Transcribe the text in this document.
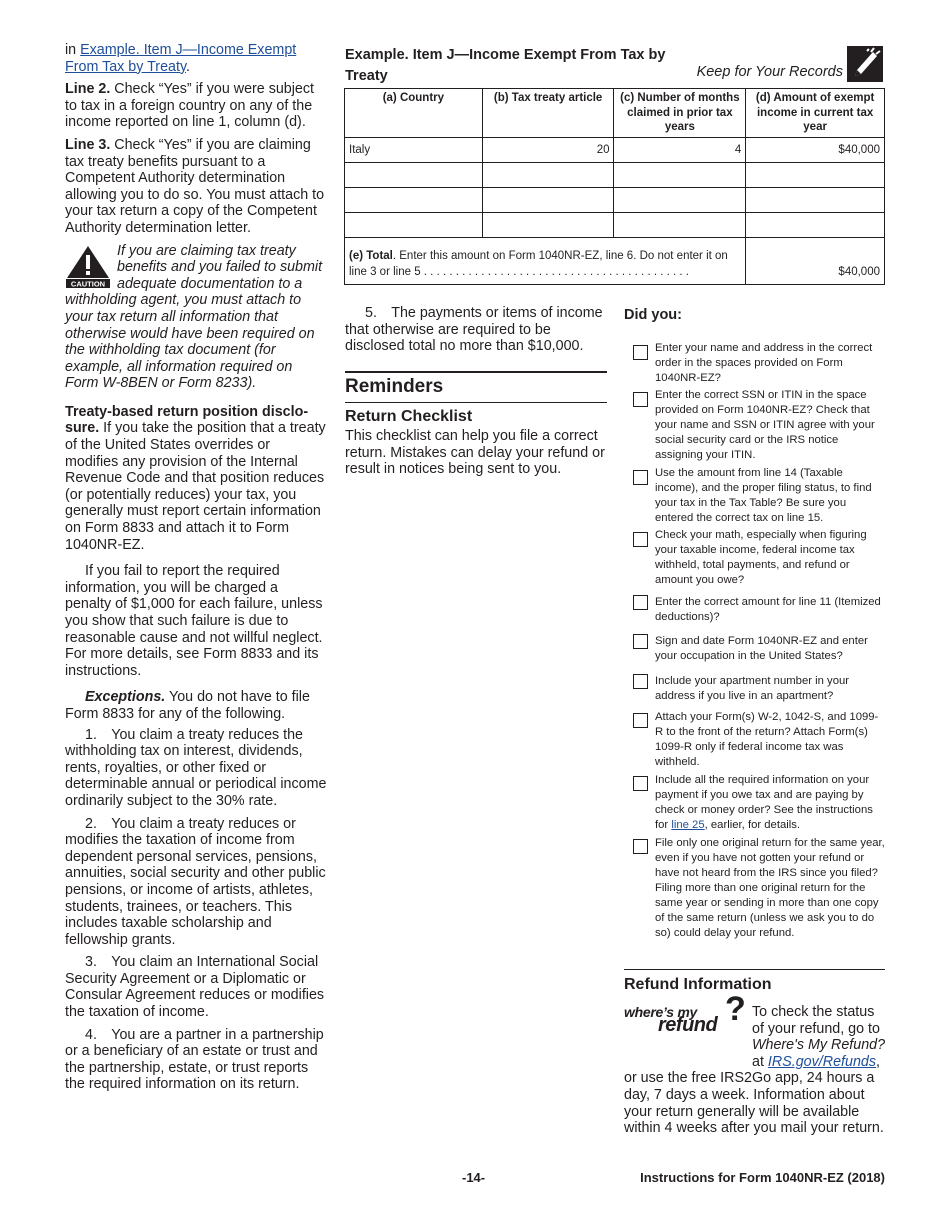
in Example. Item J—Income Exempt From Tax by Treaty.

Line 2. Check “Yes” if you were subject to tax in a foreign country on any of the income reported on line 1, column (d).

Line 3. Check “Yes” if you are claiming tax treaty benefits pursuant to a Competent Authority determination allowing you to do so. You must attach to your tax return a copy of the Competent Authority determination letter.

CAUTION
If you are claiming tax treaty benefits and you failed to submit adequate documentation to a withholding agent, you must attach to your tax return all information that otherwise would have been required on the withholding tax document (for example, all information required on Form W-8BEN or Form 8233).

Treaty-based return position disclo- sure. If you take the position that a treaty of the United States overrides or modifies any provision of the Internal Revenue Code and that position reduces (or potentially reduces) your tax, you generally must report certain information on Form 8833 and attach it to Form 1040NR-EZ.

If you fail to report the required information, you will be charged a penalty of $1,000 for each failure, unless you show that such failure is due to reasonable cause and not willful neglect. For more details, see Form 8833 and its instructions.

Exceptions. You do not have to file Form 8833 for any of the following.

1. You claim a treaty reduces the withholding tax on interest, dividends, rents, royalties, or other fixed or determinable annual or periodical income ordinarily subject to the 30% rate.

2. You claim a treaty reduces or modifies the taxation of income from dependent personal services, pensions, annuities, social security and other public pensions, or income of artists, athletes, students, trainees, or teachers. This includes taxable scholarship and fellowship grants.

3. You claim an International Social Security Agreement or a Diplomatic or Consular Agreement reduces or modifies the taxation of income.

4. You are a partner in a partnership or a beneficiary of an estate or trust and the partnership, estate, or trust reports the required information on its return.

Example. Item J—Income Exempt From Tax by Treaty	Keep for Your Records
(a) Country	(b) Tax treaty article	(c) Number of months claimed in prior tax years	(d) Amount of exempt income in current tax year
Italy	20	4	$40,000

(e) Total. Enter this amount on Form 1040NR-EZ, line 6. Do not enter it on line 3 or line 5 . . . . . . . . . . . . . . . . . . . . . . . . . . . . . . . . . . . . . . . . . .			$40,000

5. The payments or items of income that otherwise are required to be disclosed total no more than $10,000.

Reminders
Return Checklist

This checklist can help you file a correct return. Mistakes can delay your refund or result in notices being sent to you.

Did you:
Enter your name and address in the correct order in the spaces provided on Form 1040NR-EZ?
Enter the correct SSN or ITIN in the space provided on Form 1040NR-EZ? Check that your name and SSN or ITIN agree with your social security card or the IRS notice assigning your ITIN.
Use the amount from line 14 (Taxable income), and the proper filing status, to find your tax in the Tax Table? Be sure you entered the correct tax on line 15.
Check your math, especially when figuring your taxable income, federal income tax withheld, total payments, and refund or amount you owe?
Enter the correct amount for line 11 (Itemized deductions)?
Sign and date Form 1040NR-EZ and enter your occupation in the United States?
Include your apartment number in your address if you live in an apartment?
Attach your Form(s) W-2, 1042-S, and 1099-R to the front of the return? Attach Form(s) 1099-R only if federal income tax was withheld.
Include all the required information on your payment if you owe tax and are paying by check or money order? See the instructions for line 25, earlier, for details.
File only one original return for the same year, even if you have not gotten your refund or have not heard from the IRS since you filed? Filing more than one original return for the same year or sending in more than one copy of the same return (unless we ask you to do so) could delay your refund.
Refund Information
where’s my
refund ? To check the status of your refund, go to Where's My Refund? at IRS.gov/Refunds, or use the free IRS2Go app, 24 hours a day, 7 days a week. Information about your return generally will be available within 4 weeks after you mail your return.
-14-	Instructions for Form 1040NR-EZ (2018)
